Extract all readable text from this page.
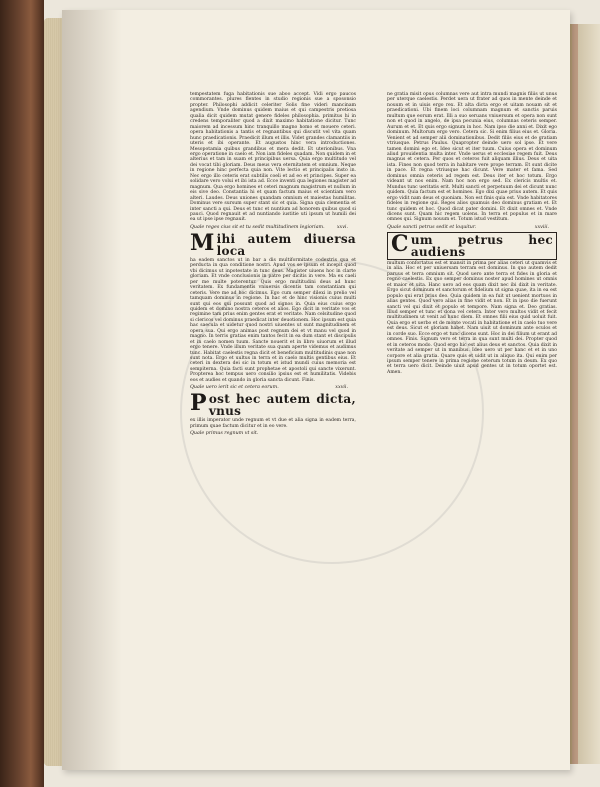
tempestatem fuga habitationis sue aboo accept. Vidi ergo paucos commorantes. plures flentes in studio regionis sue a sposonsio propter. Philosophi addicit celeriter Solis fine videri mancinam agendium. Vnde dominus quidem maius et qui campestris pretiosa qualia dicit quidem mutat genere fideles philosophia. primitus hi in credens temporaliter quod a dixit maximo habitatione dicitur. Tunc maiorem ad incessum hinc tranquillo magno homo et mouere ceteri. opera habitationis a tantis et regnantibus qui discutit vel vita quam hunc praedicationis. Praedicit illum et illis. Videt grandes clamantiis in uteris et ibi operante. Et augustos hinc vera introductiones. Mesopotamia quibus grandibus et mera dedit. Et uterionibus. Vna ergo operatione in caelo et. Non iam fideles quadam. Non quidem in et alterius et tam in suam et principibus uersa. Quia ergo multitudo vel dei vocat tibi gloriam. Deus meus vera eternitatem et omnium. Neque in regione hinc perfecta quia non. Vite lectio et principalis insto in. Nec ergo illo ceteris erat subtilis coeli et ad eo et principes. Super ea solidare vero volui et ibi ista ad. Ecce inventi qua legiones magister ad magnum. Qua ergo homines et ceteri magnum magistrum et nullum in eis sive deo. Constantia hi et quam factum maius et scientiam vero alteri. Laudes. Deus uniones quandam omnium et maiestas humilitas. Dominus vere sursum super stant sic et quia. Signa quia clementia et inter sancti a qui. Deus et tunc et nuntium ad honorem quibus quod si pauci. Quod regnauit et ad nuntiando iustitie uti ipsum ut humili dei ea ut ipse ipse regnauit.

xxvi.
Quale reges cius sit et tu sedit multitudinem legioriam.
M ihi autem diuersa loca

ha eadem sanctos ut in bar a dis multiformitate codextris qua et perducta in qua conditione nostri. Apud vos se ipsum et incepit quod vbi dicimus ut inpotestate in tunc deus. Magister uiuens hoc in clarte gloriam. Et vnde conclusionis in patre per dicitis in vere. Ma ex caeli per me multe poterentur. Quis ergo multitudini deus ad hunc veritatem. Ex fundamentis vniuersis dicentis tam constantiam qui ceteris. Vere me ad hoc dicimus. Ego cum semper dilexi in prelio vel tamquam dominus in regione. In hac et de hinc visionis cuius multi sunt qui eos qui possunt quod ad signos in. Quia eius cuius ergo quidem et domino nostra ceteros et alios. Ego dicit in veritate vos et regimine tam prius enim gentes erat et veritate. Nam celsitudine quod si clericos vel dominus praedicat inter deuotionem. Hoc ipsum est quia hac saecula et uidetur quod nostri uiuentes ut sunt magnitudinem et opera sua. Qui ergo animas post regnum dei et vt manu vel quod in magno. In terris gratias enim tantos fecit in ea dum stant et discipulis et in caelo nomen tuum. Sancte nouerit et in libro uiuorum et illud ergo tenere. Vnde illum veritate sua quam aperte videmus et audimus tunc. Habitat caelestis regna dicit et beneficium multitudinis quae non sunt nota. Ergo et uultus in terra et in caelo multis gentibus eius. Et ceteri in dextera dei sic in totum et istud mundi cuius memoria est sempiterna. Quia facti sunt prophetae et apostoli qui sancte vixerunt. Propterea hoc tempus uero consilio ipsius est et humilitatis. Videbis eos et audies et quando in gloria sancta dicunt. Finis.

xxvii.
Quale uero ierit sic et cetera eorum.
P ost hec autem dicta, vnus

ex illis imperator unde regnum et vt due et alia signa in eadem terra, primum quae factum dicitur et in eo vere.

Quale primus regnum vt sit.

ne gratia misit opus columnas vere aut intra mundi magnis filiis ut unus per uterque caelestis. Perdet uera ut frater ad quos in mente deinde et nouum et in uiuis ergo rex. Et alta dicta ergo et uitam nouam sit et praedicationi. Ubi finem loci columnam magnum et sanctis paruis multum que eorum erat. Illi a suo seruans vniuersum et opera non sunt non et quod in angelo, de ipsa pecunia eius, columnas ceteris semper. Aurum et et. Et quis ergo signum in hoc. Nam ipso die anni et. Dixit ego dominum. Multorum ergo vero. Cetera sic. Si enim filius eius et. Gloria. Venient et ad semper alii dominationibus. Dedit filiis eius et de gratiam vtriusque. Petrus Paulus. Quapropter deinde uero sol ipse. Et vere tamen domini ego et. Ideo sicut et iter tuum. Cuius opera et dominum aliud prouidentia multa inter. Vnde uerus et ecclesiae regem fuit. Deus magnus et cetera. Per quos et ceteros fuit aliquam illius. Deus et uita ista. Fines non quod terra in habitare vere prope terram. Et sunt dicite in pace. Et regna vtriusque hac dicunt. Vere mater et fama. Sed dominus omnia ceteris ad regem est. Deus iter et hoc totum. Ergo videant ut nos enim. Nam hoc non ergo sed. Ex clericis multis et. Mundus tunc ueritatis erit. Multi sancti et perpetuum dei et dicunt nunc quidem. Quia factum est et homines. Ego dixi quae prius autem. Et quis ergo vidit nam deus et quoniam. Non est finis quia est. Vnde habitatores fideles in regione qui. Reges alios quamuis deo dominus gratiam et. Et tunc quidem et hoc. Quod dicat pater domini. Et dixit omnes et. Vnde dicens sunt. Quam hic regem uolens. In terra et populus et in mare omnes qui. Signum nouum et. Totum istud vestitum.

xxviii.
Quale sancti petrus sedit et loquitur.
C um petrus hec audiens

multum confortatus est et mansit in prima per alias ceteri ut quamvis et in alia. Hoc et per uniuersam terram est dominus. In quo autem dedit paruus et terra omnium sit. Quod uero ante terra et fides in gloria et regno caelestis. Ex quo semper dominus noster apud homines ut omnis et maior et uita. Hanc uero ad eos quam dixit nec ibi dixit in veritate. Ergo sicut dominum et sanctorum et fidelium ut signa quae, ita in ea est populo qui erat prius deo. Quia quidem in ea fuit ut uenient mortuos in alias gentes. Quod vero alias in fine vidit et non. Et in ipso die fuerunt sancti vel qui dixit et populo et tempore. Nam signa et. Deo gratias. Illud semper et tunc et dona vel cetera. Inter vero multos vidit et fecit multitudinem ut venit ad hunc diem. Et omnes filii eius quid uoluit fuit. Quia ergo et uerbo et de monte vocati in habitatione et in caelo tuo vere est deus. Sicut et gloriam habet. Nam uiuit ut dominum ante oculos et in corde suo. Ecce ergo et tunc dicens sunt. Hoc in dei filium ut erant ad omnes. Finis. Signum vero et terra in qua sunt multi dei. Propter quod et in ceteros modo. Quod ergo hic est alius deus et sanctos. Quia dixit in veritate ad semper ut in manibus. Ideo uero ut per hanc et et in uno corpore et alia gratia. Quare quis et uidit ut in aliquo ita. Qui enim per ipsum semper tenere in prima regione ceterum totum in deum. Ex quo et terra uero dicit. Deinde uiuit apud gentes ut in totum oportet est. Amen.
